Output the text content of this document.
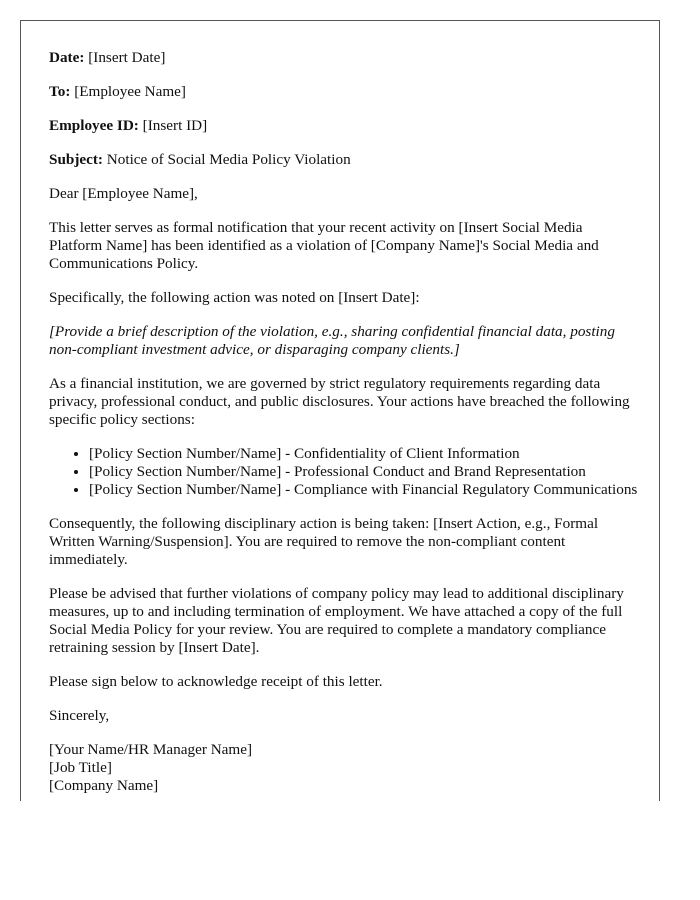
Date: [Insert Date]

To: [Employee Name]

Employee ID: [Insert ID]

Subject: Notice of Social Media Policy Violation

Dear [Employee Name],

This letter serves as formal notification that your recent activity on [Insert Social Media Platform Name] has been identified as a violation of [Company Name]'s Social Media and Communications Policy.

Specifically, the following action was noted on [Insert Date]:

[Provide a brief description of the violation, e.g., sharing confidential financial data, posting non-compliant investment advice, or disparaging company clients.]

As a financial institution, we are governed by strict regulatory requirements regarding data privacy, professional conduct, and public disclosures. Your actions have breached the following specific policy sections:

• [Policy Section Number/Name] - Confidentiality of Client Information
• [Policy Section Number/Name] - Professional Conduct and Brand Representation
• [Policy Section Number/Name] - Compliance with Financial Regulatory Communications

Consequently, the following disciplinary action is being taken: [Insert Action, e.g., Formal Written Warning/Suspension]. You are required to remove the non-compliant content immediately.

Please be advised that further violations of company policy may lead to additional disciplinary measures, up to and including termination of employment. We have attached a copy of the full Social Media Policy for your review. You are required to complete a mandatory compliance retraining session by [Insert Date].

Please sign below to acknowledge receipt of this letter.

Sincerely,

[Your Name/HR Manager Name]

[Job Title]

[Company Name]
